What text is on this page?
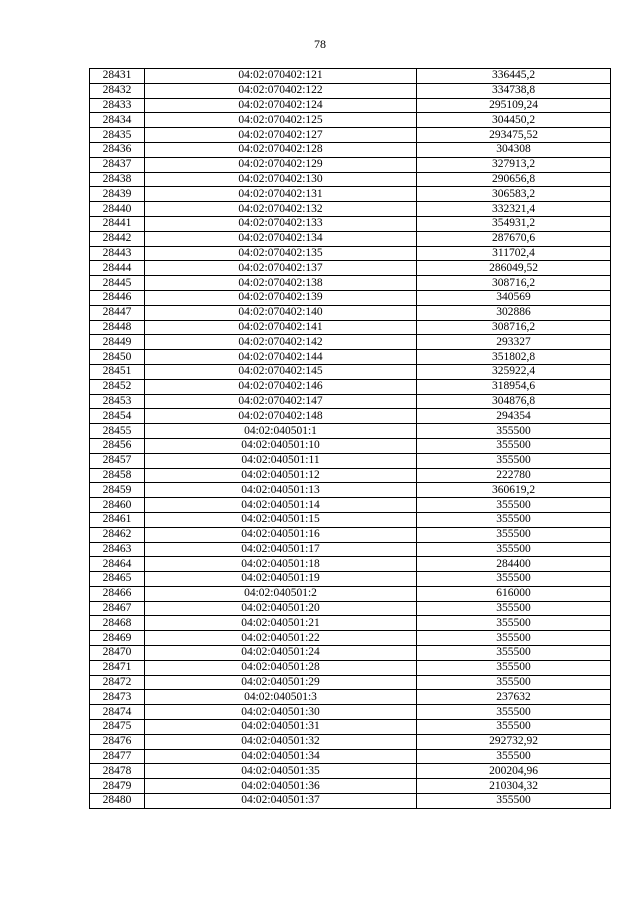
78
28431	04:02:070402:121	336445,2
28432	04:02:070402:122	334738,8
28433	04:02:070402:124	295109,24
28434	04:02:070402:125	304450,2
28435	04:02:070402:127	293475,52
28436	04:02:070402:128	304308
28437	04:02:070402:129	327913,2
28438	04:02:070402:130	290656,8
28439	04:02:070402:131	306583,2
28440	04:02:070402:132	332321,4
28441	04:02:070402:133	354931,2
28442	04:02:070402:134	287670,6
28443	04:02:070402:135	311702,4
28444	04:02:070402:137	286049,52
28445	04:02:070402:138	308716,2
28446	04:02:070402:139	340569
28447	04:02:070402:140	302886
28448	04:02:070402:141	308716,2
28449	04:02:070402:142	293327
28450	04:02:070402:144	351802,8
28451	04:02:070402:145	325922,4
28452	04:02:070402:146	318954,6
28453	04:02:070402:147	304876,8
28454	04:02:070402:148	294354
28455	04:02:040501:1	355500
28456	04:02:040501:10	355500
28457	04:02:040501:11	355500
28458	04:02:040501:12	222780
28459	04:02:040501:13	360619,2
28460	04:02:040501:14	355500
28461	04:02:040501:15	355500
28462	04:02:040501:16	355500
28463	04:02:040501:17	355500
28464	04:02:040501:18	284400
28465	04:02:040501:19	355500
28466	04:02:040501:2	616000
28467	04:02:040501:20	355500
28468	04:02:040501:21	355500
28469	04:02:040501:22	355500
28470	04:02:040501:24	355500
28471	04:02:040501:28	355500
28472	04:02:040501:29	355500
28473	04:02:040501:3	237632
28474	04:02:040501:30	355500
28475	04:02:040501:31	355500
28476	04:02:040501:32	292732,92
28477	04:02:040501:34	355500
28478	04:02:040501:35	200204,96
28479	04:02:040501:36	210304,32
28480	04:02:040501:37	355500
